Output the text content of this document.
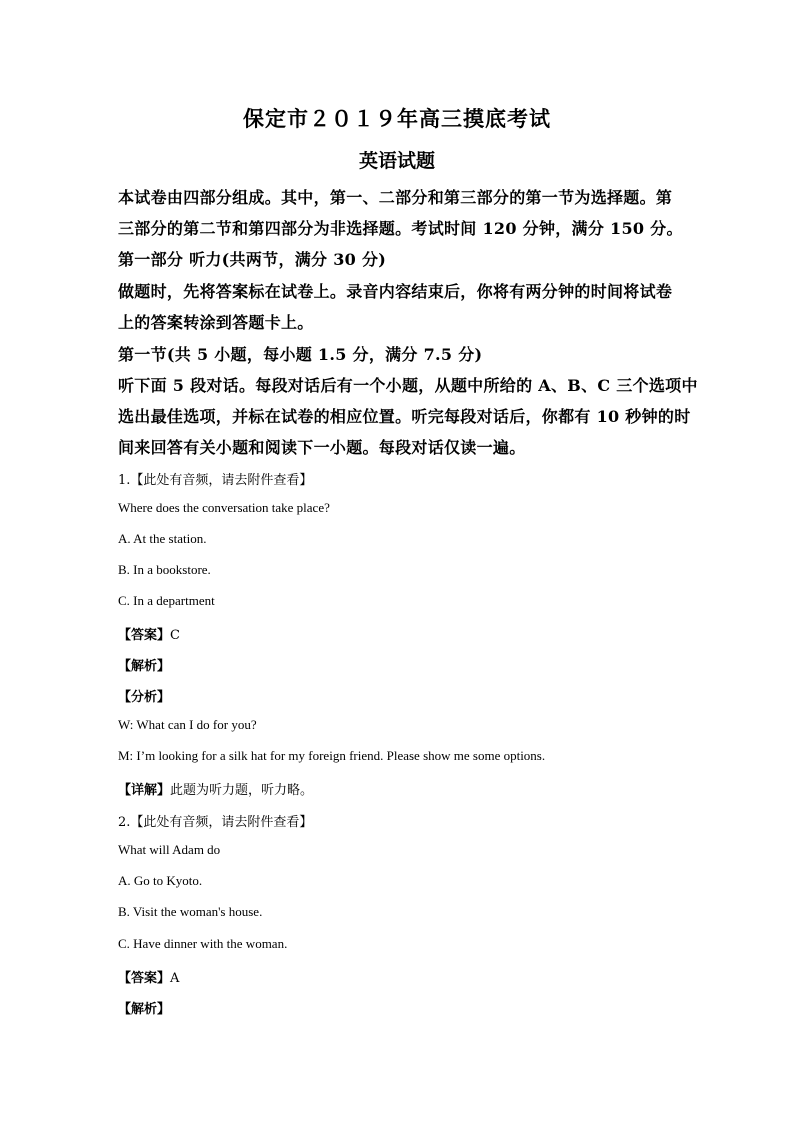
保定市２０１９年高三摸底考试
英语试题
本试卷由四部分组成。其中，第一、二部分和第三部分的第一节为选择题。第
三部分的第二节和第四部分为非选择题。考试时间 120 分钟，满分 150 分。
第一部分 听力(共两节，满分 30 分)
做题时，先将答案标在试卷上。录音内容结束后，你将有两分钟的时间将试卷
上的答案转涂到答题卡上。
第一节(共 5 小题，每小题 1.5 分，满分 7.5 分)
听下面 5 段对话。每段对话后有一个小题，从题中所给的 A、B、C 三个选项中
选出最佳选项，并标在试卷的相应位置。听完每段对话后，你都有 10 秒钟的时
间来回答有关小题和阅读下一小题。每段对话仅读一遍。
1.【此处有音频，请去附件查看】
Where does the conversation take place?
A. At the station.
B. In a bookstore.
C. In a department
【答案】C
【解析】
【分析】
W: What can I do for you?
M: I’m looking for a silk hat for my foreign friend. Please show me some options.
【详解】此题为听力题，听力略。
2.【此处有音频，请去附件查看】
What will Adam do
A. Go to Kyoto.
B. Visit the woman's house.
C. Have dinner with the woman.
【答案】A
【解析】
